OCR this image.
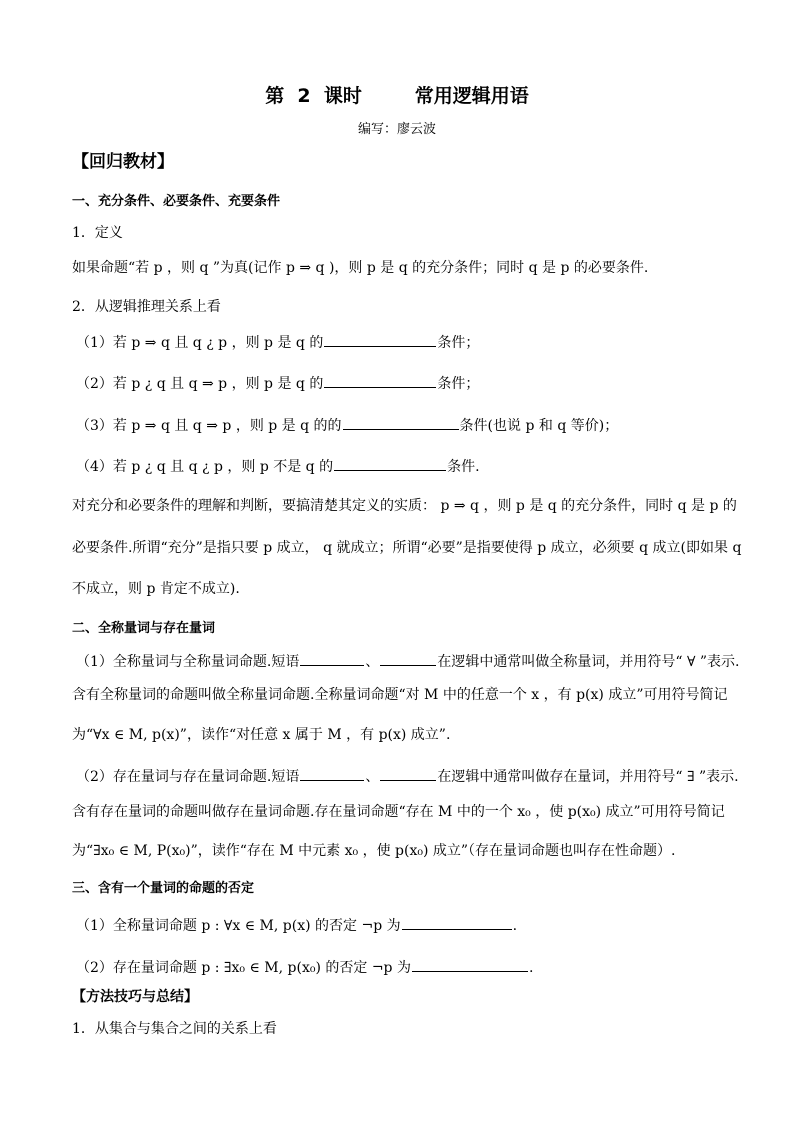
第  2  课时        常用逻辑用语
编写：廖云波
【回归教材】
一、充分条件、必要条件、充要条件
1．定义
如果命题“若 p ，则 q ”为真(记作 p ⇒ q )，则 p 是 q 的充分条件；同时 q 是 p 的必要条件.
2．从逻辑推理关系上看
（1）若 p ⇒ q 且 q ¿ p ，则 p 是 q 的	条件；
（2）若 p ¿ q 且 q ⇒ p ，则 p 是 q 的	条件；
（3）若 p ⇒ q 且 q ⇒ p ，则 p 是 q 的的	条件(也说 p 和 q 等价)；
（4）若 p ¿ q 且 q ¿ p ，则 p 不是 q 的	条件.
对充分和必要条件的理解和判断，要搞清楚其定义的实质： p ⇒ q ，则 p 是 q 的充分条件，同时 q 是 p 的
必要条件.所谓“充分”是指只要 p 成立， q 就成立；所谓“必要”是指要使得 p 成立，必须要 q 成立(即如果 q
不成立，则 p 肯定不成立).
二、全称量词与存在量词
（1）全称量词与全称量词命题.短语	、	在逻辑中通常叫做全称量词，并用符号“ ∀ ”表示.
含有全称量词的命题叫做全称量词命题.全称量词命题“对 M 中的任意一个 x ，有 p(x) 成立”可用符号简记
为“∀x ∈ M, p(x)”，读作“对任意 x 属于 M ，有 p(x) 成立”.
（2）存在量词与存在量词命题.短语	、	在逻辑中通常叫做存在量词，并用符号“ ∃ ”表示.
含有存在量词的命题叫做存在量词命题.存在量词命题“存在 M 中的一个 x₀ ，使 p(x₀) 成立”可用符号简记
为“∃x₀ ∈ M, P(x₀)”，读作“存在 M 中元素 x₀ ，使 p(x₀) 成立”（存在量词命题也叫存在性命题）.
三、含有一个量词的命题的否定
（1）全称量词命题 p : ∀x ∈ M, p(x) 的否定 ¬p 为	.
（2）存在量词命题 p : ∃x₀ ∈ M, p(x₀) 的否定 ¬p 为	.
【方法技巧与总结】
1．从集合与集合之间的关系上看
